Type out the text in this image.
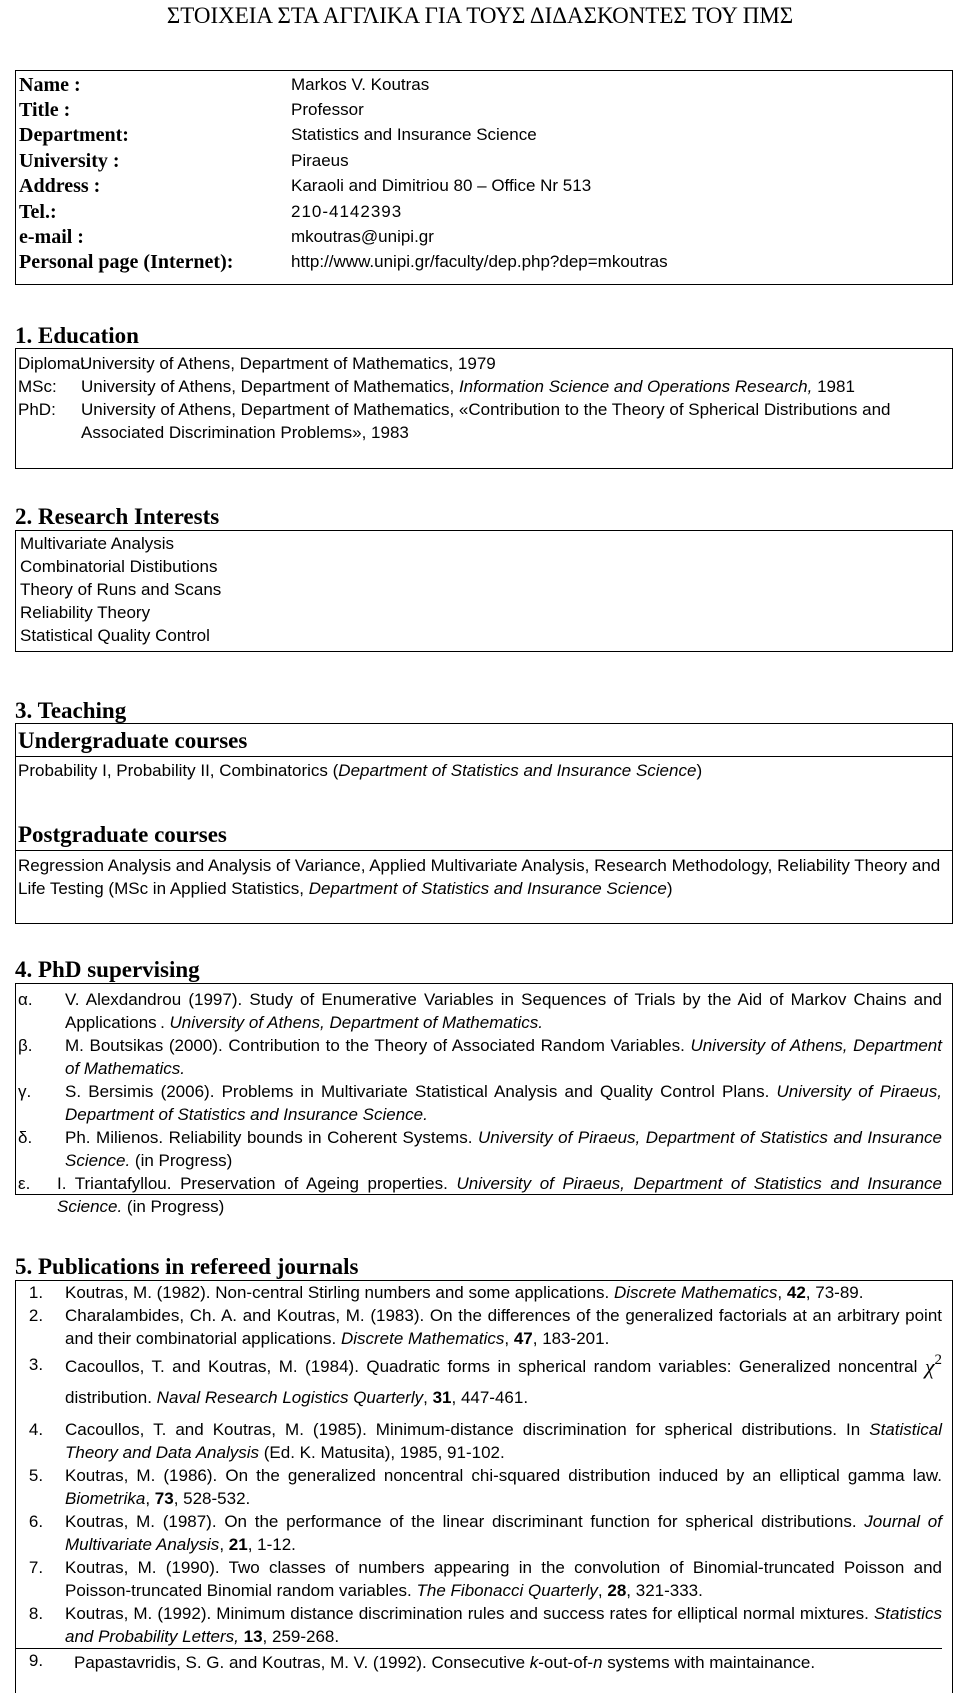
ΣΤΟΙΧΕΙΑ ΣΤΑ ΑΓΓΛΙΚΑ ΓΙΑ ΤΟΥΣ ΔΙΔΑΣΚΟΝΤΕΣ ΤΟΥ ΠΜΣ
Name :	Markos V. Koutras
Title :	Professor
Department:	Statistics and Insurance Science
University :	Piraeus
Address :	Karaoli and Dimitriou 80 – Office Nr 513
Tel.:	210-4142393
e-mail :	mkoutras@unipi.gr
Personal page (Internet):	http://www.unipi.gr/faculty/dep.php?dep=mkoutras
1. Education
Diploma:
University of Athens, Department of Mathematics, 1979
MSc: University of Athens, Department of Mathematics, Information Science and Operations Research, 1981
PhD: University of Athens, Department of Mathematics, «Contribution to the Theory of Spherical Distributions and Associated Discrimination Problems», 1983
2. Research Interests
Multivariate Analysis
Combinatorial Distibutions
Theory of Runs and Scans
Reliability Theory
Statistical Quality Control
3. Teaching
Undergraduate courses
Probability I, Probability II, Combinatorics (Department of Statistics and Insurance Science)
Postgraduate courses
Regression Analysis and Analysis of Variance, Applied Multivariate Analysis, Research Methodology, Reliability Theory and Life Testing (MSc in Applied Statistics, Department of Statistics and Insurance Science)
4. PhD supervising
α.	V. Alexdandrou (1997). Study of Enumerative Variables in Sequences of Trials by the Aid of Markov Chains and Applications . University of Athens, Department of Mathematics.
β.	M. Boutsikas (2000). Contribution to the Theory of Associated Random Variables. University of Athens, Department of Mathematics.
γ.	S. Bersimis (2006). Problems in Multivariate Statistical Analysis and Quality Control Plans. University of Piraeus, Department of Statistics and Insurance Science.
δ.	Ph. Milienos. Reliability bounds in Coherent Systems. University of Piraeus, Department of Statistics and Insurance Science. (in Progress)
ε.	I. Triantafyllou. Preservation of Ageing properties. University of Piraeus, Department of Statistics and Insurance Science. (in Progress)
5. Publications in refereed journals
1.	Koutras, M. (1982). Non-central Stirling numbers and some applications. Discrete Mathematics, 42, 73-89.
2.	Charalambides, Ch. A. and Koutras, M. (1983). On the differences of the generalized factorials at an arbitrary point and their combinatorial applications. Discrete Mathematics, 47, 183-201.
3.	Cacoullos, T. and Koutras, M. (1984). Quadratic forms in spherical random variables: Generalized noncentral χ2 distribution. Naval Research Logistics Quarterly, 31, 447-461.
4.	Cacoullos, T. and Koutras, M. (1985). Minimum-distance discrimination for spherical distributions. In Statistical Theory and Data Analysis (Ed. K. Matusita), 1985, 91-102.
5.	Koutras, M. (1986). On the generalized noncentral chi-squared distribution induced by an elliptical gamma law. Biometrika, 73, 528-532.
6.	Koutras, M. (1987). On the performance of the linear discriminant function for spherical distributions. Journal of Multivariate Analysis, 21, 1-12.
7.	Koutras, M. (1990). Two classes of numbers appearing in the convolution of Binomial-truncated Poisson and Poisson-truncated Binomial random variables. The Fibonacci Quarterly, 28, 321-333.
8.	Koutras, M. (1992). Minimum distance discrimination rules and success rates for elliptical normal mixtures. Statistics and Probability Letters, 13, 259-268.
9.	Papastavridis, S. G. and Koutras, M. V. (1992). Consecutive k-out-of-n systems with maintainance.
